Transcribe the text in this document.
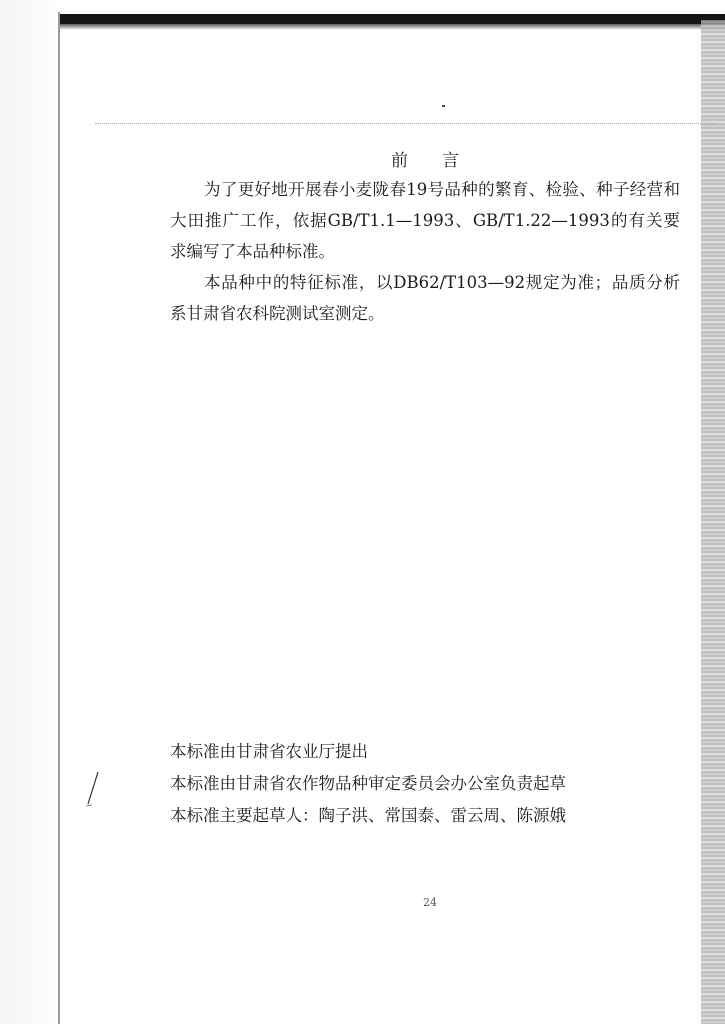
前言
为了更好地开展春小麦陇春19号品种的繁育、检验、种子经营和大田推广工作，依据GB/T1.1—1993、GB/T1.22—1993的有关要求编写了本品种标准。
本品种中的特征标准，以DB62/T103—92规定为准；品质分析系甘肃省农科院测试室测定。
本标准由甘肃省农业厅提出
本标准由甘肃省农作物品种审定委员会办公室负责起草
本标准主要起草人：陶子洪、常国泰、雷云周、陈源娥
24
